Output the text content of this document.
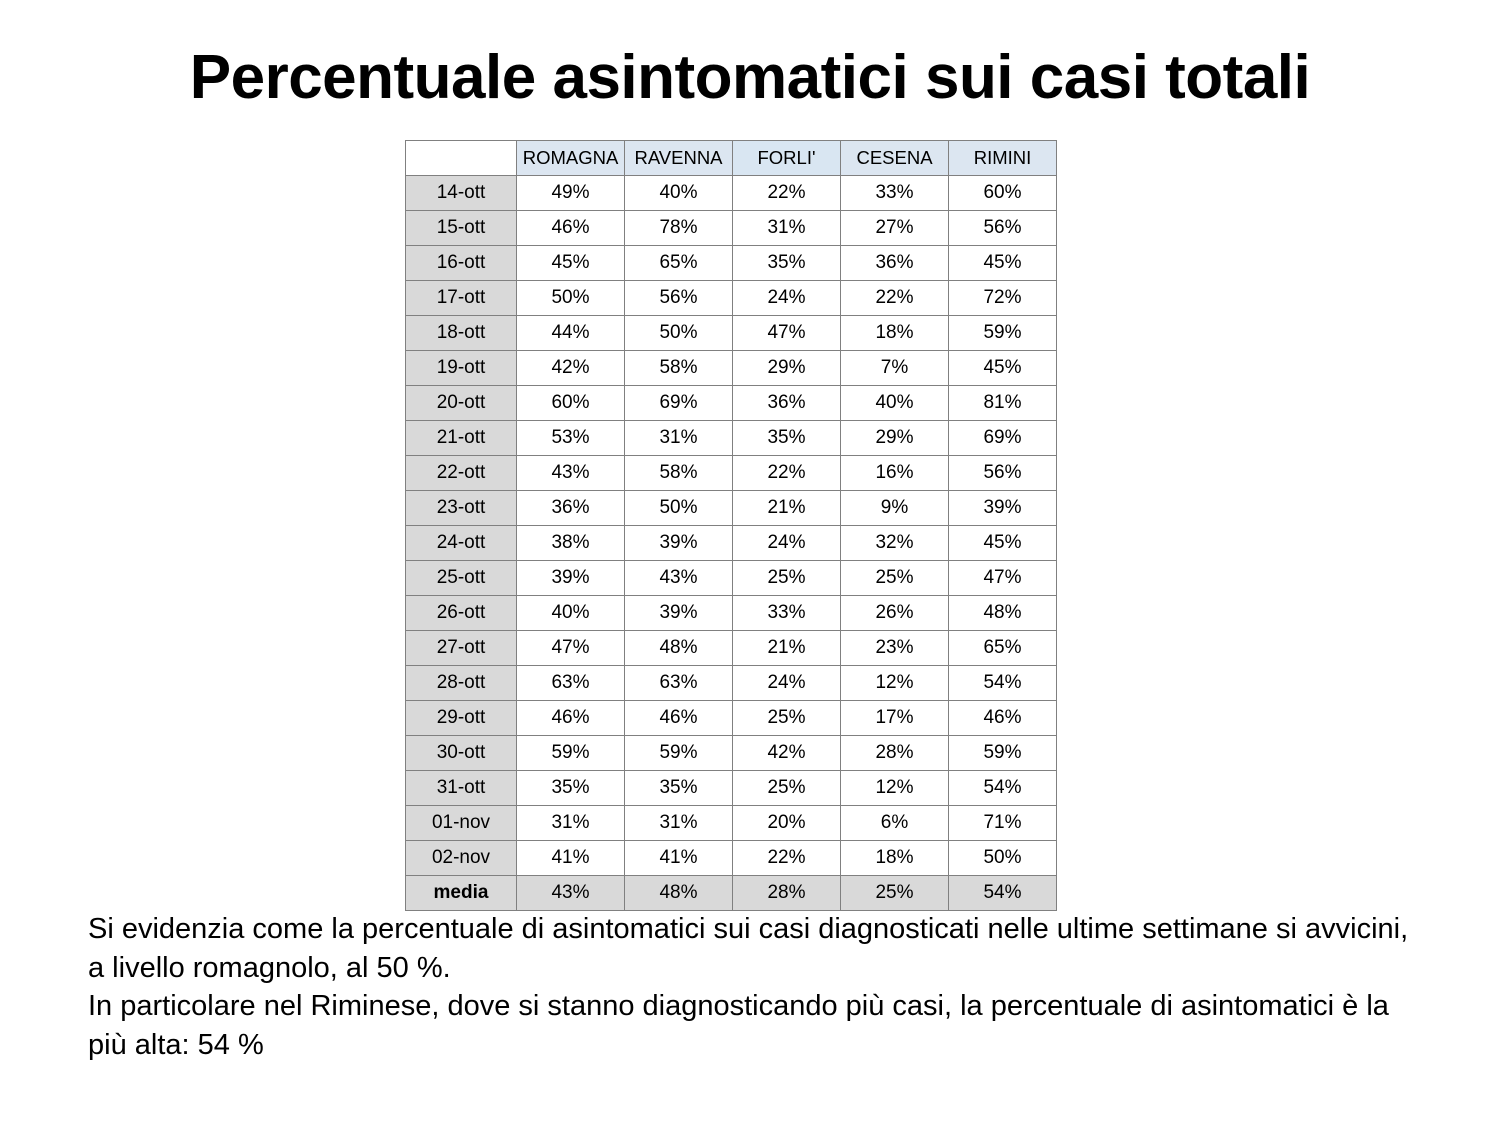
Percentuale asintomatici sui casi totali
	ROMAGNA	RAVENNA	FORLI'	CESENA	RIMINI
14-ott	49%	40%	22%	33%	60%
15-ott	46%	78%	31%	27%	56%
16-ott	45%	65%	35%	36%	45%
17-ott	50%	56%	24%	22%	72%
18-ott	44%	50%	47%	18%	59%
19-ott	42%	58%	29%	7%	45%
20-ott	60%	69%	36%	40%	81%
21-ott	53%	31%	35%	29%	69%
22-ott	43%	58%	22%	16%	56%
23-ott	36%	50%	21%	9%	39%
24-ott	38%	39%	24%	32%	45%
25-ott	39%	43%	25%	25%	47%
26-ott	40%	39%	33%	26%	48%
27-ott	47%	48%	21%	23%	65%
28-ott	63%	63%	24%	12%	54%
29-ott	46%	46%	25%	17%	46%
30-ott	59%	59%	42%	28%	59%
31-ott	35%	35%	25%	12%	54%
01-nov	31%	31%	20%	6%	71%
02-nov	41%	41%	22%	18%	50%
media	43%	48%	28%	25%	54%

Si evidenzia come la percentuale di asintomatici sui casi diagnosticati nelle ultime settimane si avvicini, a livello romagnolo, al 50 %.

In particolare nel Riminese, dove si stanno diagnosticando più casi, la percentuale di asintomatici è la più alta: 54 %
